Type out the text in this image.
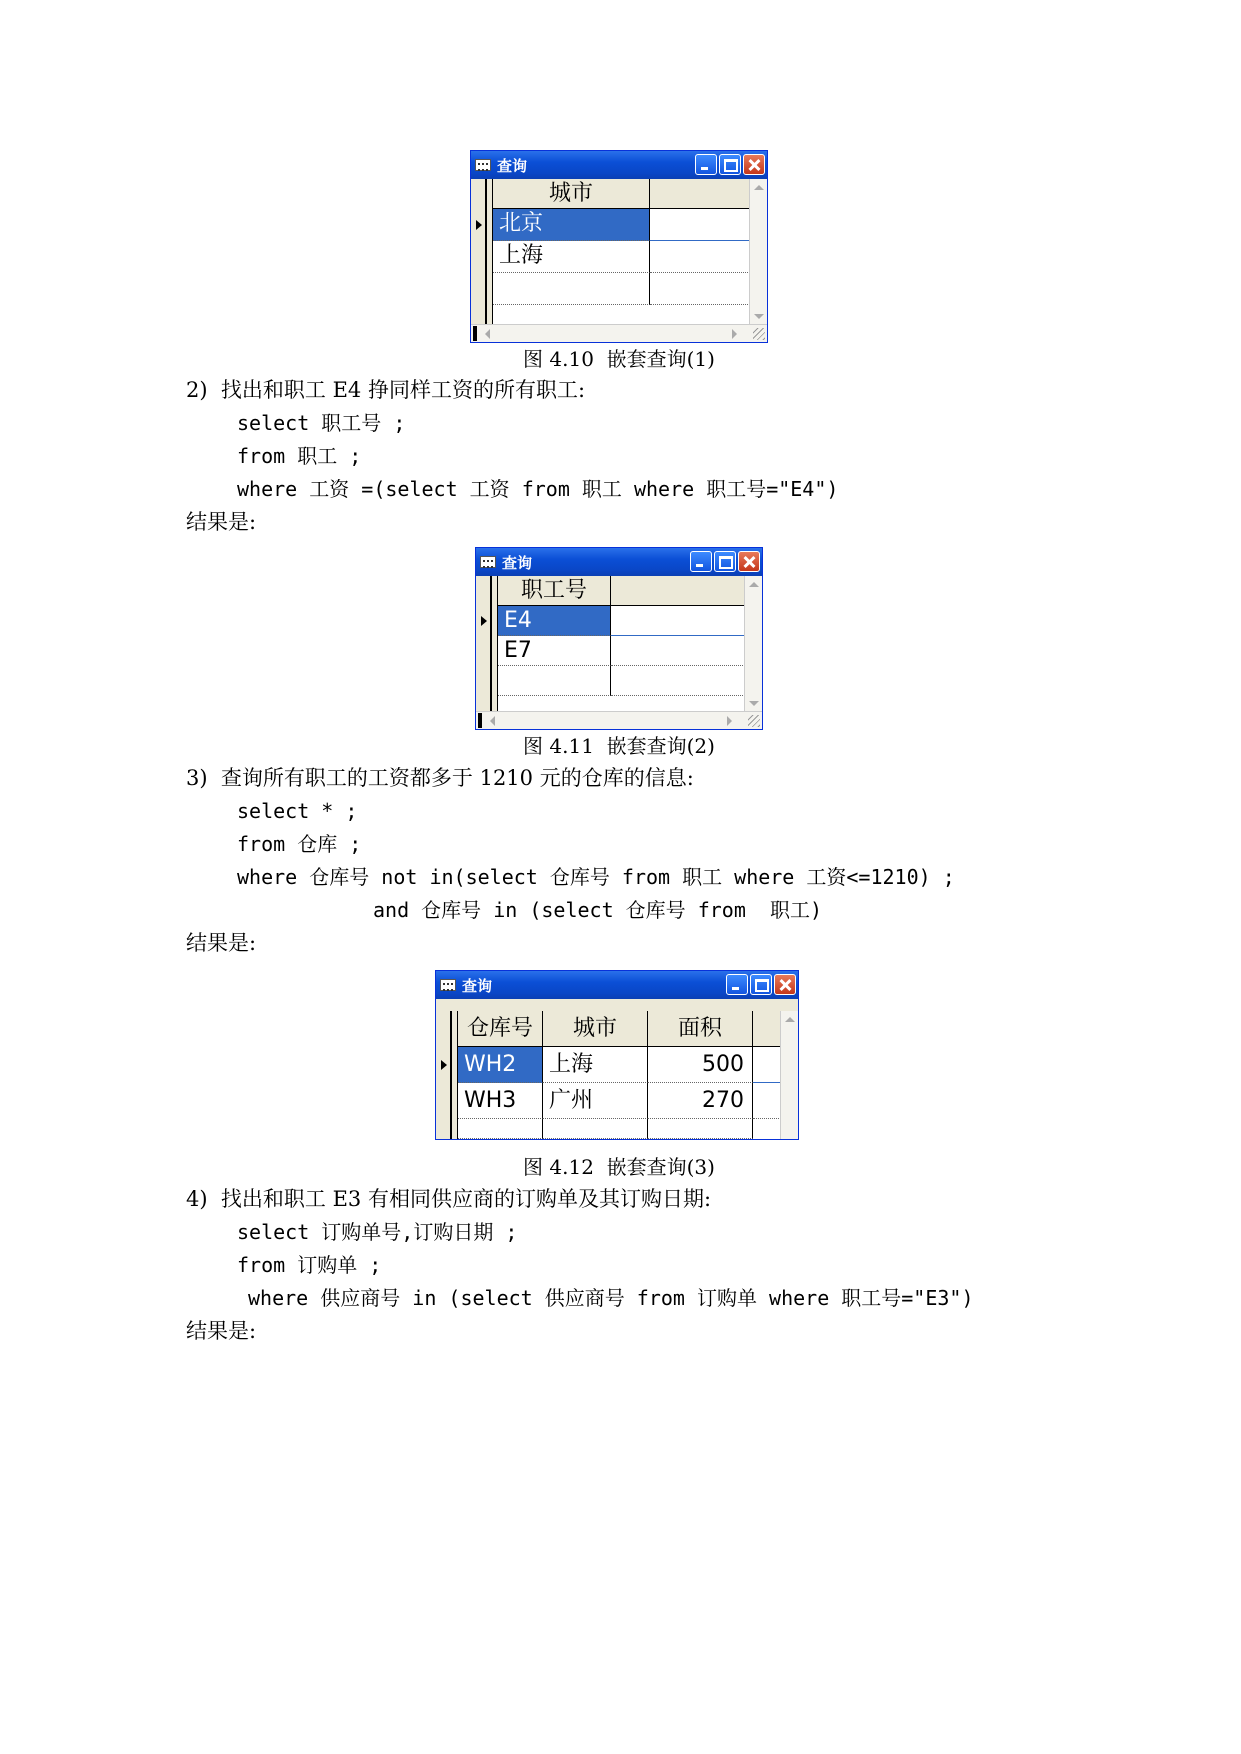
查询
城市
北京
上海
图 4.10  嵌套查询(1)
2)  找出和职工 E4 挣同样工资的所有职工:
select 职工号 ;
from 职工 ;
where 工资 =(select 工资 from 职工 where 职工号="E4")
结果是:
查询
职工号
E4
E7
图 4.11  嵌套查询(2)
3)  查询所有职工的工资都多于 1210 元的仓库的信息:
select * ;
from 仓库 ;
where 仓库号 not in(select 仓库号 from 职工 where 工资<=1210) ;
and 仓库号 in (select 仓库号 from  职工)
结果是:
查询
仓库号	城市	面积
WH2	上海	500
WH3	广州	270
图 4.12  嵌套查询(3)
4)  找出和职工 E3 有相同供应商的订购单及其订购日期:
select 订购单号,订购日期 ;
from 订购单 ;
where 供应商号 in (select 供应商号 from 订购单 where 职工号="E3")
结果是:
